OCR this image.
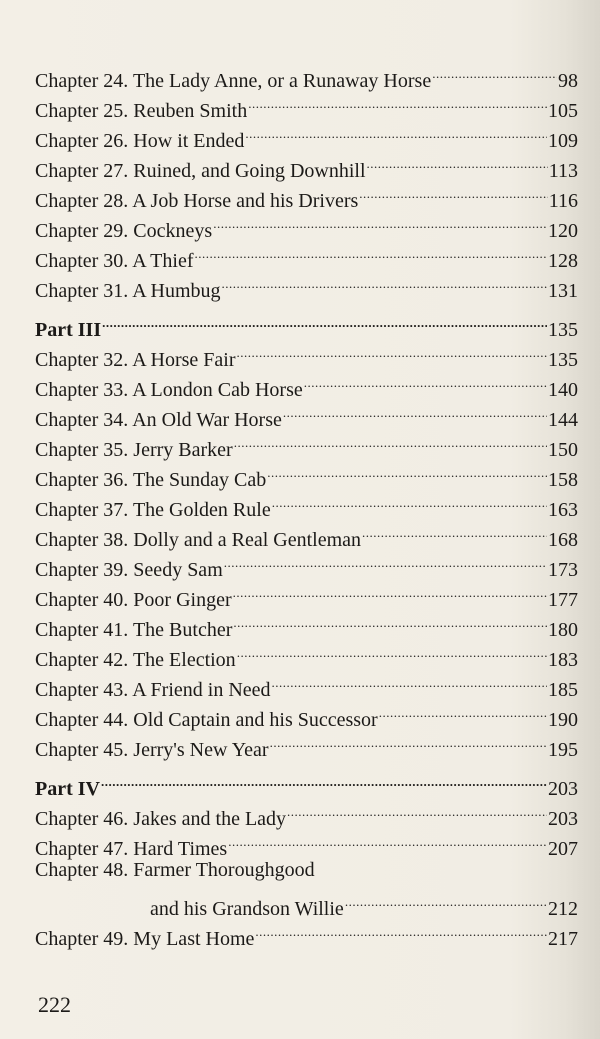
Chapter 24. The Lady Anne, or a Runaway Horse .....	98
Chapter 25. Reuben Smith .....	105
Chapter 26. How it Ended .....	109
Chapter 27. Ruined, and Going Downhill .....	113
Chapter 28. A Job Horse and his Drivers .....	116
Chapter 29. Cockneys .....	120
Chapter 30. A Thief .....	128
Chapter 31. A Humbug .....	131
Part III .....	135
Chapter 32. A Horse Fair .....	135
Chapter 33. A London Cab Horse .....	140
Chapter 34. An Old War Horse .....	144
Chapter 35. Jerry Barker .....	150
Chapter 36. The Sunday Cab .....	158
Chapter 37. The Golden Rule .....	163
Chapter 38. Dolly and a Real Gentleman .....	168
Chapter 39. Seedy Sam .....	173
Chapter 40. Poor Ginger .....	177
Chapter 41. The Butcher .....	180
Chapter 42. The Election .....	183
Chapter 43. A Friend in Need .....	185
Chapter 44. Old Captain and his Successor .....	190
Chapter 45. Jerry's New Year .....	195
Part IV .....	203
Chapter 46. Jakes and the Lady .....	203
Chapter 47. Hard Times .....	207
Chapter 48. Farmer Thoroughgood
and his Grandson Willie .....	212
Chapter 49. My Last Home .....	217
222
